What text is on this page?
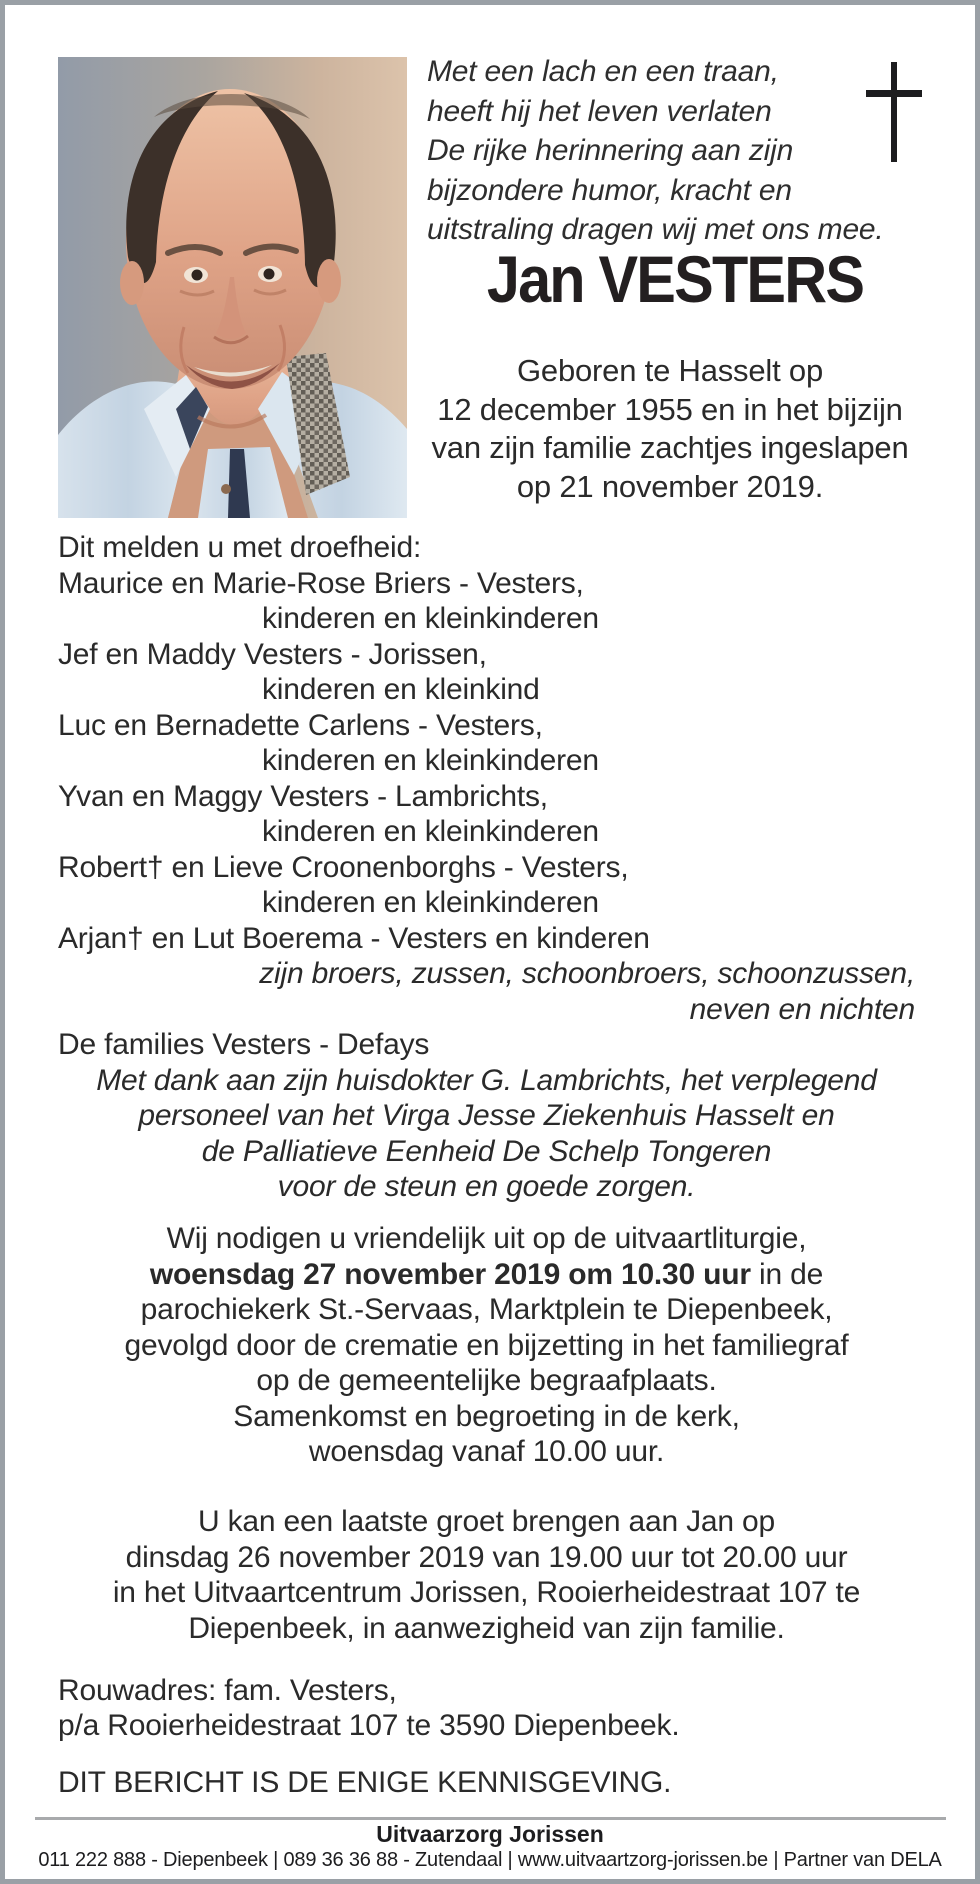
Met een lach en een traan,
heeft hij het leven verlaten
De rijke herinnering aan zijn
bijzondere humor, kracht en
uitstraling dragen wij met ons mee.
Jan VESTERS
Geboren te Hasselt op
12 december 1955 en in het bijzijn
van zijn familie zachtjes ingeslapen
op 21 november 2019.
Dit melden u met droefheid:
Maurice en Marie-Rose Briers - Vesters,
kinderen en kleinkinderen
Jef en Maddy Vesters - Jorissen,
kinderen en kleinkind
Luc en Bernadette Carlens - Vesters,
kinderen en kleinkinderen
Yvan en Maggy Vesters - Lambrichts,
kinderen en kleinkinderen
Robert† en Lieve Croonenborghs - Vesters,
kinderen en kleinkinderen
Arjan† en Lut Boerema - Vesters en kinderen
zijn broers, zussen, schoonbroers, schoonzussen,
neven en nichten
De families Vesters - Defays
Met dank aan zijn huisdokter G. Lambrichts, het verplegend
personeel van het Virga Jesse Ziekenhuis Hasselt en
de Palliatieve Eenheid De Schelp Tongeren
voor de steun en goede zorgen.
Wij nodigen u vriendelijk uit op de uitvaartliturgie,
woensdag 27 november 2019 om 10.30 uur in de
parochiekerk St.-Servaas, Marktplein te Diepenbeek,
gevolgd door de crematie en bijzetting in het familiegraf
op de gemeentelijke begraafplaats.
Samenkomst en begroeting in de kerk,
woensdag vanaf 10.00 uur.
U kan een laatste groet brengen aan Jan op
dinsdag 26 november 2019 van 19.00 uur tot 20.00 uur
in het Uitvaartcentrum Jorissen, Rooierheidestraat 107 te
Diepenbeek, in aanwezigheid van zijn familie.
Rouwadres: fam. Vesters,
p/a Rooierheidestraat 107 te 3590 Diepenbeek.
DIT BERICHT IS DE ENIGE KENNISGEVING.
Uitvaarzorg Jorissen
011 222 888 - Diepenbeek | 089 36 36 88 - Zutendaal | www.uitvaartzorg-jorissen.be | Partner van DELA
